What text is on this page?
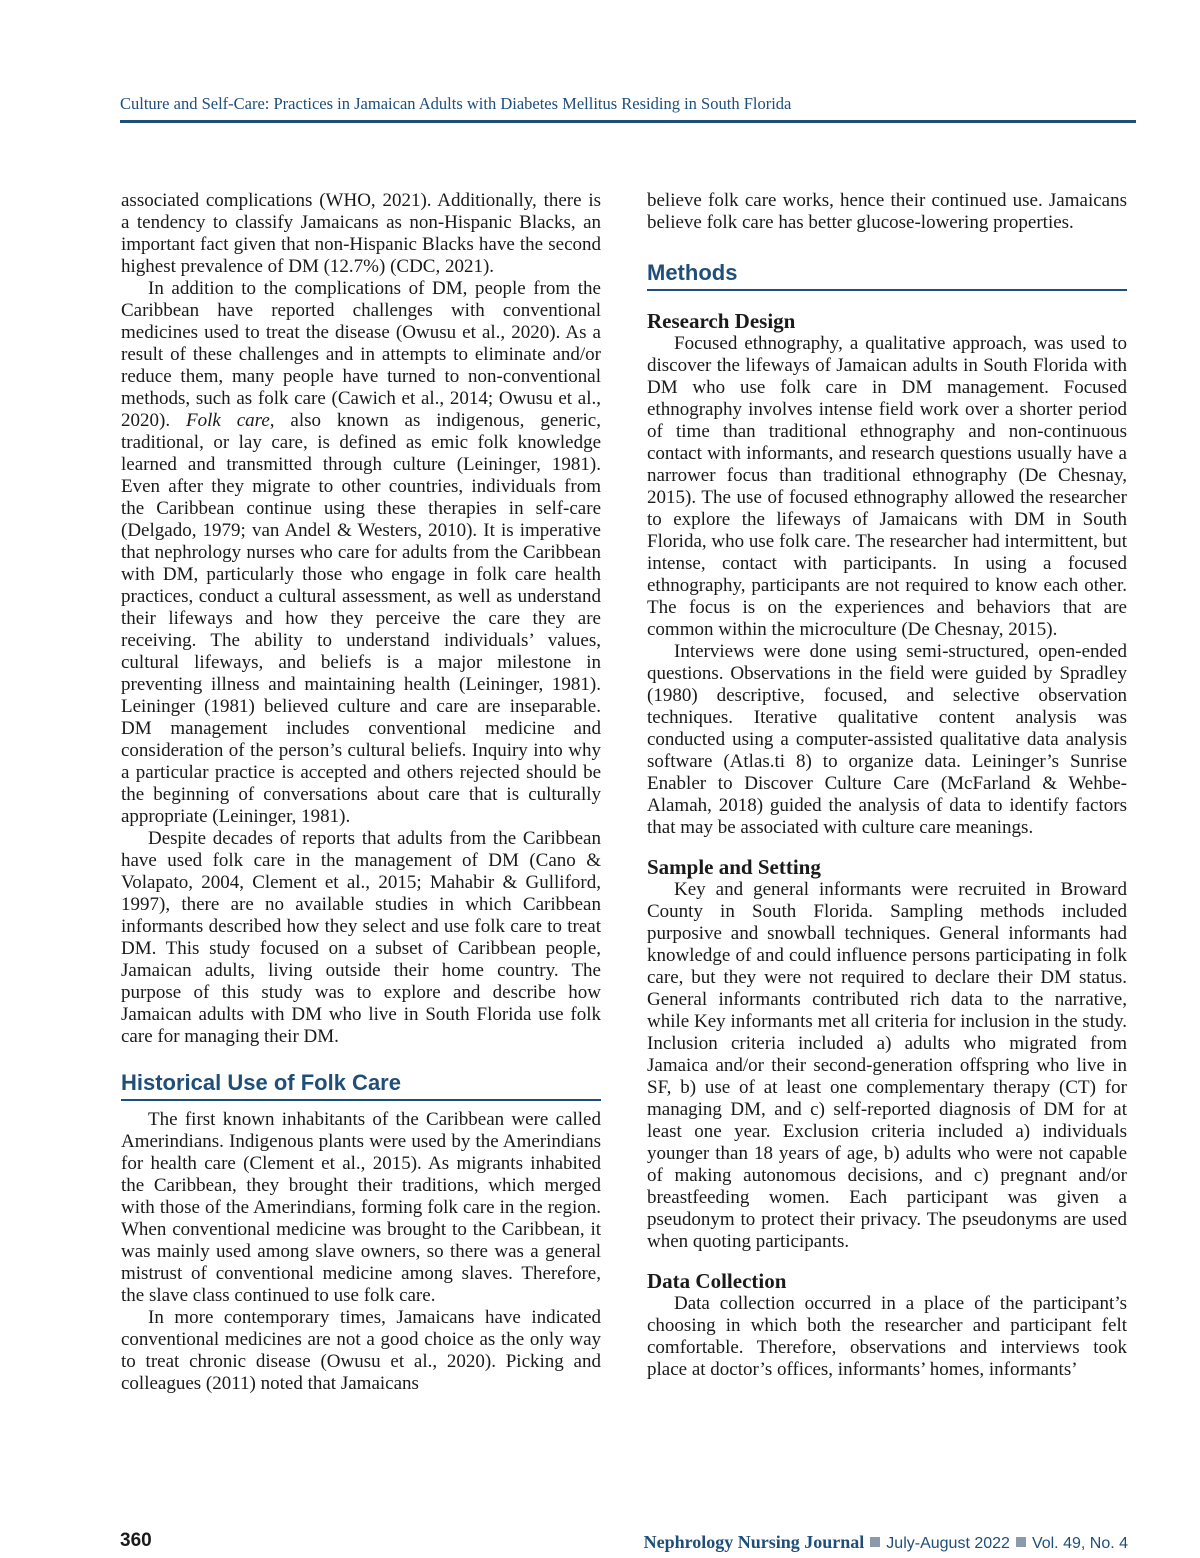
Culture and Self-Care: Practices in Jamaican Adults with Diabetes Mellitus Residing in South Florida

associated complications (WHO, 2021). Additionally, there is a tendency to classify Jamaicans as non-Hispanic Blacks, an important fact given that non-Hispanic Blacks have the second highest prevalence of DM (12.7%) (CDC, 2021).

In addition to the complications of DM, people from the Caribbean have reported challenges with conventional medicines used to treat the disease (Owusu et al., 2020). As a result of these challenges and in attempts to eliminate and/or reduce them, many people have turned to non-conventional methods, such as folk care (Cawich et al., 2014; Owusu et al., 2020). Folk care, also known as indigenous, generic, traditional, or lay care, is defined as emic folk knowledge learned and transmitted through culture (Leininger, 1981). Even after they migrate to other countries, individuals from the Caribbean continue using these therapies in self-care (Delgado, 1979; van Andel & Westers, 2010). It is imperative that nephrology nurses who care for adults from the Caribbean with DM, particularly those who engage in folk care health practices, conduct a cultural assessment, as well as understand their lifeways and how they perceive the care they are receiving. The ability to understand individuals’ values, cultural lifeways, and beliefs is a major milestone in preventing illness and maintaining health (Leininger, 1981). Leininger (1981) believed culture and care are inseparable. DM management includes conventional medicine and consideration of the person’s cultural beliefs. Inquiry into why a particular practice is accepted and others rejected should be the beginning of conversations about care that is culturally appropriate (Leininger, 1981).

Despite decades of reports that adults from the Caribbean have used folk care in the management of DM (Cano & Volapato, 2004, Clement et al., 2015; Mahabir & Gulliford, 1997), there are no available studies in which Caribbean informants described how they select and use folk care to treat DM. This study focused on a subset of Caribbean people, Jamaican adults, living outside their home country. The purpose of this study was to explore and describe how Jamaican adults with DM who live in South Florida use folk care for managing their DM.

Historical Use of Folk Care

The first known inhabitants of the Caribbean were called Amerindians. Indigenous plants were used by the Amerindians for health care (Clement et al., 2015). As migrants inhabited the Caribbean, they brought their traditions, which merged with those of the Amerindians, forming folk care in the region. When conventional medicine was brought to the Caribbean, it was mainly used among slave owners, so there was a general mistrust of conventional medicine among slaves. Therefore, the slave class continued to use folk care.

In more contemporary times, Jamaicans have indicated conventional medicines are not a good choice as the only way to treat chronic disease (Owusu et al., 2020). Picking and colleagues (2011) noted that Jamaicans

believe folk care works, hence their continued use. Jamaicans believe folk care has better glucose-lowering properties.

Methods
Research Design

Focused ethnography, a qualitative approach, was used to discover the lifeways of Jamaican adults in South Florida with DM who use folk care in DM management. Focused ethnography involves intense field work over a shorter period of time than traditional ethnography and non-continuous contact with informants, and research questions usually have a narrower focus than traditional ethnography (De Chesnay, 2015). The use of focused ethnography allowed the researcher to explore the lifeways of Jamaicans with DM in South Florida, who use folk care. The researcher had intermittent, but intense, contact with participants. In using a focused ethnography, participants are not required to know each other. The focus is on the experiences and behaviors that are common within the microculture (De Chesnay, 2015).

Interviews were done using semi-structured, open-ended questions. Observations in the field were guided by Spradley (1980) descriptive, focused, and selective observation techniques. Iterative qualitative content analysis was conducted using a computer-assisted qualitative data analysis software (Atlas.ti 8) to organize data. Leininger’s Sunrise Enabler to Discover Culture Care (McFarland & Wehbe-Alamah, 2018) guided the analysis of data to identify factors that may be associated with culture care meanings.

Sample and Setting

Key and general informants were recruited in Broward County in South Florida. Sampling methods included purposive and snowball techniques. General informants had knowledge of and could influence persons participating in folk care, but they were not required to declare their DM status. General informants contributed rich data to the narrative, while Key informants met all criteria for inclusion in the study. Inclusion criteria included a) adults who migrated from Jamaica and/or their second-generation offspring who live in SF, b) use of at least one complementary therapy (CT) for managing DM, and c) self-reported diagnosis of DM for at least one year. Exclusion criteria included a) individuals younger than 18 years of age, b) adults who were not capable of making autonomous decisions, and c) pregnant and/or breastfeeding women. Each participant was given a pseudonym to protect their privacy. The pseudonyms are used when quoting participants.

Data Collection

Data collection occurred in a place of the participant’s choosing in which both the researcher and participant felt comfortable. Therefore, observations and interviews took place at doctor’s offices, informants’ homes, informants’

360	Nephrology Nursing Journal July-August 2022 Vol. 49, No. 4
